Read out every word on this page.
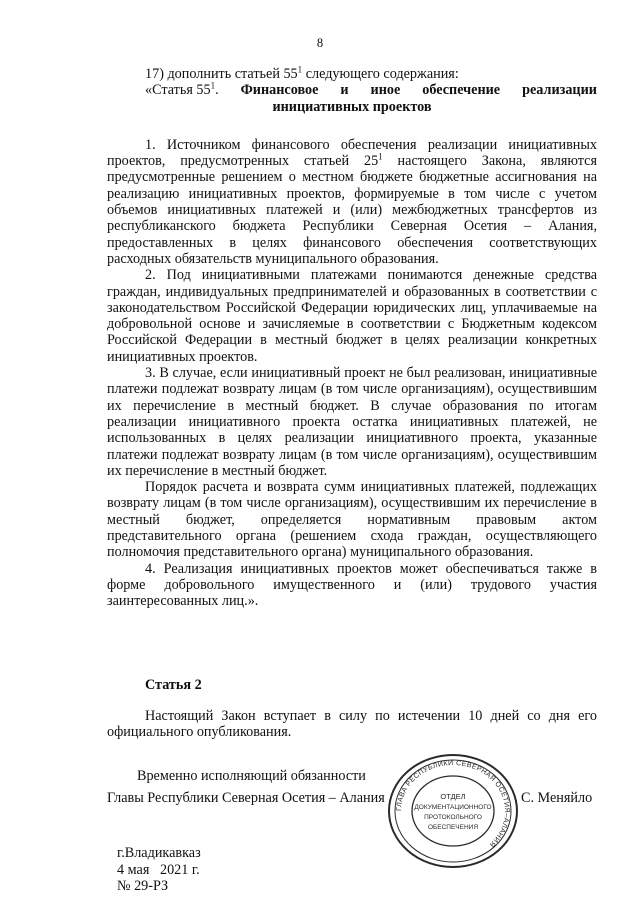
8

17) дополнить статьей $55^1$ следующего содержания:

«Статья $55^1$. Финансовое и иное обеспечение реализации

инициативных проектов

1. Источником финансового обеспечения реализации инициативных проектов, предусмотренных статьей $25^1$ настоящего Закона, являются предусмотренные решением о местном бюджете бюджетные ассигнования на реализацию инициативных проектов, формируемые в том числе с учетом объемов инициативных платежей и (или) межбюджетных трансфертов из республиканского бюджета Республики Северная Осетия – Алания, предоставленных в целях финансового обеспечения соответствующих расходных обязательств муниципального образования.

2. Под инициативными платежами понимаются денежные средства граждан, индивидуальных предпринимателей и образованных в соответствии с законодательством Российской Федерации юридических лиц, уплачиваемые на добровольной основе и зачисляемые в соответствии с Бюджетным кодексом Российской Федерации в местный бюджет в целях реализации конкретных инициативных проектов.

3. В случае, если инициативный проект не был реализован, инициативные платежи подлежат возврату лицам (в том числе организациям), осуществившим их перечисление в местный бюджет. В случае образования по итогам реализации инициативного проекта остатка инициативных платежей, не использованных в целях реализации инициативного проекта, указанные платежи подлежат возврату лицам (в том числе организациям), осуществившим их перечисление в местный бюджет.

Порядок расчета и возврата сумм инициативных платежей, подлежащих возврату лицам (в том числе организациям), осуществившим их перечисление в местный бюджет, определяется нормативным правовым актом представительного органа (решением схода граждан, осуществляющего полномочия представительного органа) муниципального образования.

4. Реализация инициативных проектов может обеспечиваться также в форме добровольного имущественного и (или) трудового участия заинтересованных лиц.».

Статья 2

Настоящий Закон вступает в силу по истечении 10 дней со дня его официального опубликования.

Временно исполняющий обязанности
Главы Республики Северная Осетия – Алания	С. Меняйло
г.Владикавказ
4 мая   2021 г.
№ 29-РЗ
ГЛАВА РЕСПУБЛИКИ СЕВЕРНАЯ ОСЕТИЯ–АЛАНИЯ
ОТДЕЛ
ДОКУМЕНТАЦИОННОГО
ПРОТОКОЛЬНОГО
ОБЕСПЕЧЕНИЯ
